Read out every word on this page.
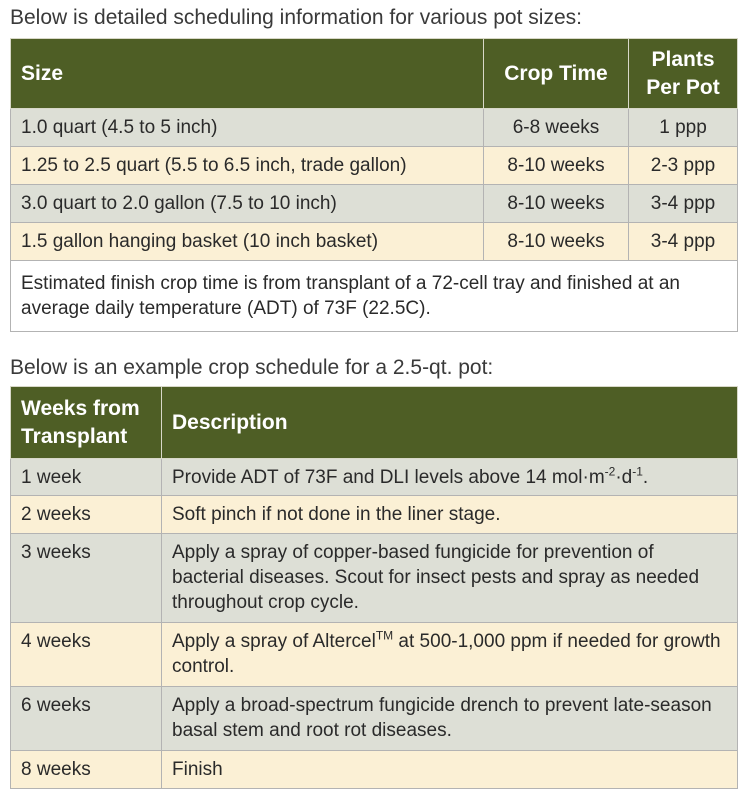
Below is detailed scheduling information for various pot sizes:
Size	Crop Time	Plants Per Pot
1.0 quart (4.5 to 5 inch)	6-8 weeks	1 ppp
1.25 to 2.5 quart (5.5 to 6.5 inch, trade gallon)	8-10 weeks	2-3 ppp
3.0 quart to 2.0 gallon (7.5 to 10 inch)	8-10 weeks	3-4 ppp
1.5 gallon hanging basket (10 inch basket)	8-10 weeks	3-4 ppp
Estimated finish crop time is from transplant of a 72-cell tray and finished at an average daily temperature (ADT) of 73F (22.5C).		
Below is an example crop schedule for a 2.5-qt. pot:
Weeks from Transplant	Description
1 week	Provide ADT of 73F and DLI levels above 14 $mol\cdot m^{-2}\cdot d^{-1}$.
2 weeks	Soft pinch if not done in the liner stage.
3 weeks	Apply a spray of copper-based fungicide for prevention of bacterial diseases. Scout for insect pests and spray as needed throughout crop cycle.
4 weeks	Apply a spray of Altercel™ at 500-1,000 ppm if needed for growth control.
6 weeks	Apply a broad-spectrum fungicide drench to prevent late-season basal stem and root rot diseases.
8 weeks	Finish
